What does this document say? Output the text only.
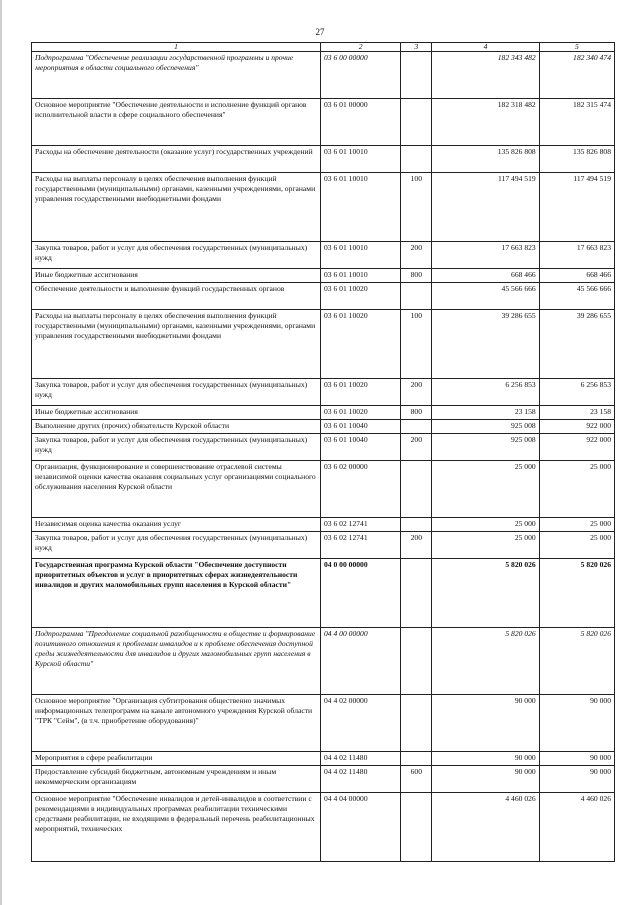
27
1	2	3	4	5
Подпрограмма "Обеспечение реализации государственной программы и прочие мероприятия в области социального обеспечения"	03 6 00 00000		182 343 482	182 340 474
Основное мероприятие "Обеспечение деятельности и исполнение функций органов исполнительной власти в сфере социального обеспечения"	03 6 01 00000		182 318 482	182 315 474
Расходы на обеспечение деятельности (оказание услуг) государственных учреждений	03 6 01 10010		135 826 808	135 826 808
Расходы на выплаты персоналу в целях обеспечения выполнения функций государственными (муниципальными) органами, казенными учреждениями, органами управления государственными внебюджетными фондами	03 6 01 10010	100	117 494 519	117 494 519
Закупка товаров, работ и услуг для обеспечения государственных (муниципальных) нужд	03 6 01 10010	200	17 663 823	17 663 823
Иные бюджетные ассигнования	03 6 01 10010	800	668 466	668 466
Обеспечение деятельности и выполнение функций государственных органов	03 6 01 10020		45 566 666	45 566 666
Расходы на выплаты персоналу в целях обеспечения выполнения функций государственными (муниципальными) органами, казенными учреждениями, органами управления государственными внебюджетными фондами	03 6 01 10020	100	39 286 655	39 286 655
Закупка товаров, работ и услуг для обеспечения государственных (муниципальных) нужд	03 6 01 10020	200	6 256 853	6 256 853
Иные бюджетные ассигнования	03 6 01 10020	800	23 158	23 158
Выполнение других (прочих) обязательств Курской области	03 6 01 10040		925 008	922 000
Закупка товаров, работ и услуг для обеспечения государственных (муниципальных) нужд	03 6 01 10040	200	925 008	922 000
Организация, функционирование и совершенствование отраслевой системы независимой оценки качества оказания социальных услуг организациями социального обслуживания населения Курской области	03 6 02 00000		25 000	25 000
Независимая оценка качества оказания услуг	03 6 02 12741		25 000	25 000
Закупка товаров, работ и услуг для обеспечения государственных (муниципальных) нужд	03 6 02 12741	200	25 000	25 000
Государственная программа Курской области "Обеспечение доступности приоритетных объектов и услуг в приоритетных сферах жизнедеятельности инвалидов и других маломобильных групп населения в Курской области"	04 0 00 00000		5 820 026	5 820 026
Подпрограмма "Преодоление социальной разобщенности в обществе и формирование позитивного отношения к проблемам инвалидов и к проблеме обеспечения доступной среды жизнедеятельности для инвалидов и других маломобильных групп населения в Курской области"	04 4 00 00000		5 820 026	5 820 026
Основное мероприятие "Организация субтитрования общественно значимых информационных телепрограмм на канале автономного учреждения Курской области "ТРК "Сейм", (в т.ч. приобретение оборудования)"	04 4 02 00000		90 000	90 000
Мероприятия в сфере реабилитации	04 4 02 11480		90 000	90 000
Предоставление субсидий бюджетным, автономным учреждениям и иным некоммерческим организациям	04 4 02 11480	600	90 000	90 000
Основное мероприятие "Обеспечение инвалидов и детей-инвалидов в соответствии с рекомендациями в индивидуальных программах реабилитации техническими средствами реабилитации, не входящими в федеральный перечень реабилитационных мероприятий, технических	04 4 04 00000		4 460 026	4 460 026
